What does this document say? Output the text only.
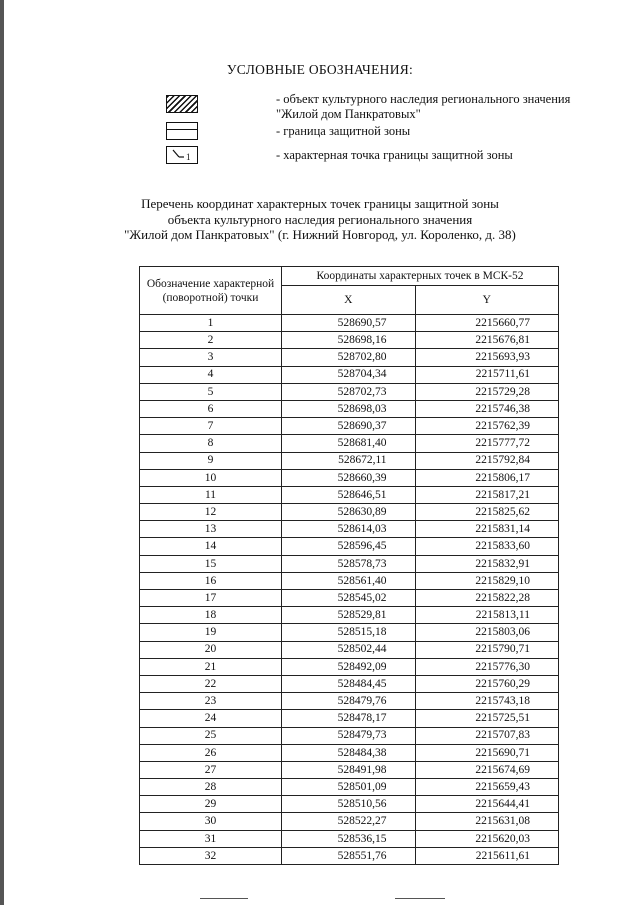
УСЛОВНЫЕ ОБОЗНАЧЕНИЯ:
- объект культурного наследия регионального значения "Жилой дом Панкратовых"
- граница защитной зоны
1	- характерная точка границы защитной зоны
Перечень координат характерных точек границы защитной зоны
объекта культурного наследия регионального значения
"Жилой дом Панкратовых" (г. Нижний Новгород, ул. Короленко, д. 38)
Обозначение характерной (поворотной) точки	Координаты характерных точек в МСК-52	
	X	Y
1	528690,57	2215660,77
2	528698,16	2215676,81
3	528702,80	2215693,93
4	528704,34	2215711,61
5	528702,73	2215729,28
6	528698,03	2215746,38
7	528690,37	2215762,39
8	528681,40	2215777,72
9	528672,11	2215792,84
10	528660,39	2215806,17
11	528646,51	2215817,21
12	528630,89	2215825,62
13	528614,03	2215831,14
14	528596,45	2215833,60
15	528578,73	2215832,91
16	528561,40	2215829,10
17	528545,02	2215822,28
18	528529,81	2215813,11
19	528515,18	2215803,06
20	528502,44	2215790,71
21	528492,09	2215776,30
22	528484,45	2215760,29
23	528479,76	2215743,18
24	528478,17	2215725,51
25	528479,73	2215707,83
26	528484,38	2215690,71
27	528491,98	2215674,69
28	528501,09	2215659,43
29	528510,56	2215644,41
30	528522,27	2215631,08
31	528536,15	2215620,03
32	528551,76	2215611,61
